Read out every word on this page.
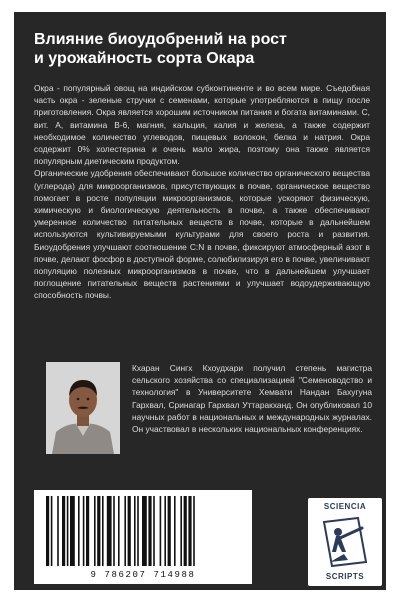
Влияние биоудобрений на рост
и урожайность сорта Окара

Окра - популярный овощ на индийском субконтиненте и во всем мире. Съедобная часть окра - зеленые стручки с семенами, которые употребляются в пищу после приготовления. Окра является хорошим источником питания и богата витаминами. С, вит. А, витамина В-6, магния, кальция, калия и железа, а также содержит необходимое количество углеводов, пищевых волокон, белка и натрия. Окра содержит 0% холестерина и очень мало жира, поэтому она также является популярным диетическим продуктом.

Органические удобрения обеспечивают большое количество органического вещества (углерода) для микроорганизмов, присутствующих в почве, органическое вещество помогает в росте популяции микроорганизмов, которые ускоряют физическую, химическую и биологическую деятельность в почве, а также обеспечивают умеренное количество питательных веществ в почве, которые в дальнейшем используются культивируемыми культурами для своего роста и развития. Биоудобрения улучшают соотношение C:N в почве, фиксируют атмосферный азот в почве, делают фосфор в доступной форме, солюбилизируя его в почве, увеличивают популяцию полезных микроорганизмов в почве, что в дальнейшем улучшает поглощение питательных веществ растениями и улучшает водоудерживающую способность почвы.

Кхаран Сингх Кхоудхари получил степень магистра сельского хозяйства со специализацией "Семеноводство и технология" в Университете Хемвати Нандан Бахугуна Гархвал, Сринагар Гархвал Уттаракханд. Он опубликовал 10 научных работ в национальных и международных журналах. Он участвовал в нескольких национальных конференциях.
9 786207 714988
SCIENCIA
SCRIPTS
